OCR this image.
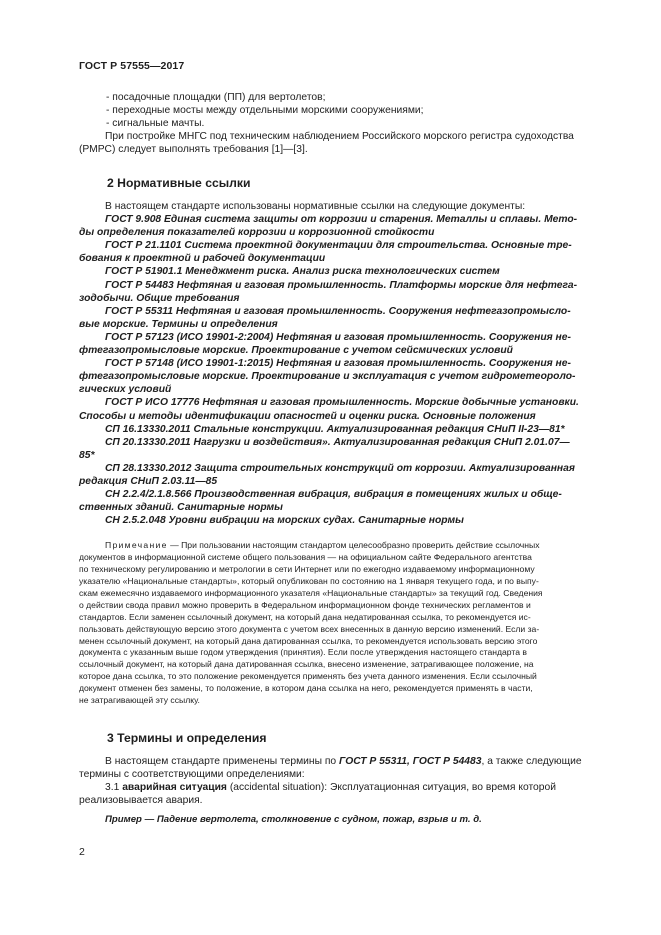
ГОСТ Р 57555—2017
- посадочные площадки (ПП) для вертолетов;
- переходные мосты между отдельными морскими сооружениями;
- сигнальные мачты.
При постройке МНГС под техническим наблюдением Российского морского регистра судоходства
(РМРС) следует выполнять требования [1]—[3].
2 Нормативные ссылки
В настоящем стандарте использованы нормативные ссылки на следующие документы:
ГОСТ 9.908 Единая система защиты от коррозии и старения. Металлы и сплавы. Мето-
ды определения показателей коррозии и коррозионной стойкости
ГОСТ Р 21.1101 Система проектной документации для строительства. Основные тре-
бования к проектной и рабочей документации
ГОСТ Р 51901.1 Менеджмент риска. Анализ риска технологических систем
ГОСТ Р 54483 Нефтяная и газовая промышленность. Платформы морские для нефтега-
зодобычи. Общие требования
ГОСТ Р 55311 Нефтяная и газовая промышленность. Сооружения нефтегазопромысло-
вые морские. Термины и определения
ГОСТ Р 57123 (ИСО 19901-2:2004) Нефтяная и газовая промышленность. Сооружения не-
фтегазопромысловые морские. Проектирование с учетом сейсмических условий
ГОСТ Р 57148 (ИСО 19901-1:2015) Нефтяная и газовая промышленность. Сооружения не-
фтегазопромысловые морские. Проектирование и эксплуатация с учетом гидрометеороло-
гических условий
ГОСТ Р ИСО 17776 Нефтяная и газовая промышленность. Морские добычные установки.
Способы и методы идентификации опасностей и оценки риска. Основные положения
СП 16.13330.2011 Стальные конструкции. Актуализированная редакция СНиП II-23—81*
СП 20.13330.2011 Нагрузки и воздействия». Актуализированная редакция СНиП 2.01.07—
85*
СП 28.13330.2012 Защита строительных конструкций от коррозии. Актуализированная
редакция СНиП 2.03.11—85
СН 2.2.4/2.1.8.566 Производственная вибрация, вибрация в помещениях жилых и обще-
ственных зданий. Санитарные нормы
СН 2.5.2.048 Уровни вибрации на морских судах. Санитарные нормы
Примечание — При пользовании настоящим стандартом целесообразно проверить действие ссылочных
документов в информационной системе общего пользования — на официальном сайте Федерального агентства
по техническому регулированию и метрологии в сети Интернет или по ежегодно издаваемому информационному
указателю «Национальные стандарты», который опубликован по состоянию на 1 января текущего года, и по выпу-
скам ежемесячно издаваемого информационного указателя «Национальные стандарты» за текущий год. Сведения
о действии свода правил можно проверить в Федеральном информационном фонде технических регламентов и
стандартов. Если заменен ссылочный документ, на который дана недатированная ссылка, то рекомендуется ис-
пользовать действующую версию этого документа с учетом всех внесенных в данную версию изменений. Если за-
менен ссылочный документ, на который дана датированная ссылка, то рекомендуется использовать версию этого
документа с указанным выше годом утверждения (принятия). Если после утверждения настоящего стандарта в
ссылочный документ, на который дана датированная ссылка, внесено изменение, затрагивающее положение, на
которое дана ссылка, то это положение рекомендуется применять без учета данного изменения. Если ссылочный
документ отменен без замены, то положение, в котором дана ссылка на него, рекомендуется применять в части,
не затрагивающей эту ссылку.
3 Термины и определения
В настоящем стандарте применены термины по ГОСТ Р 55311, ГОСТ Р 54483, а также следующие
термины с соответствующими определениями:
3.1 аварийная ситуация (accidental situation): Эксплуатационная ситуация, во время которой
реализовывается авария.
Пример — Падение вертолета, столкновение с судном, пожар, взрыв и т. д.
2
